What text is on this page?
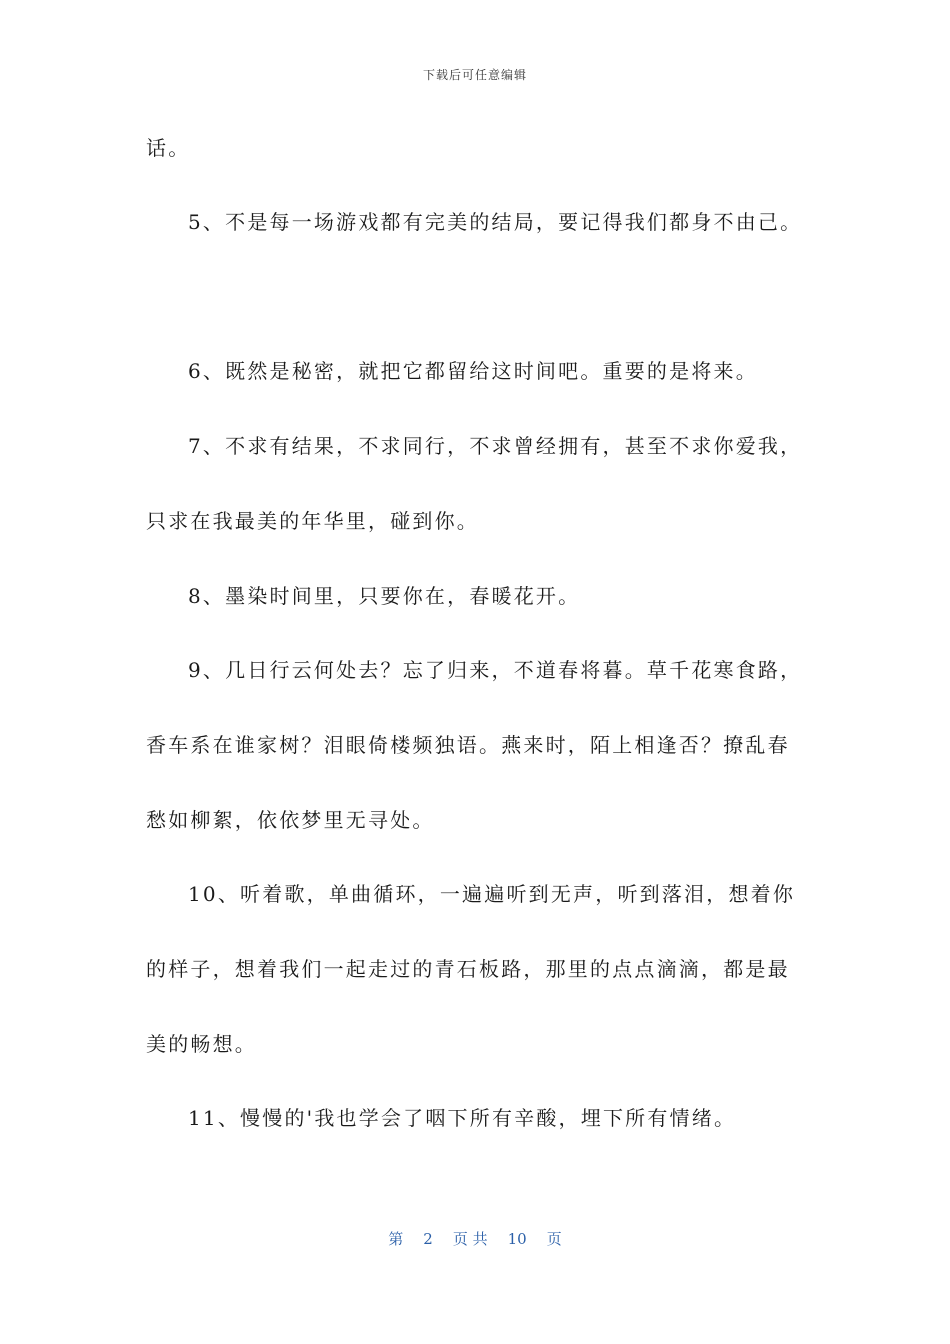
下载后可任意编辑
话。
5、不是每一场游戏都有完美的结局，要记得我们都身不由己。
6、既然是秘密，就把它都留给这时间吧。重要的是将来。
7、不求有结果，不求同行，不求曾经拥有，甚至不求你爱我，
只求在我最美的年华里，碰到你。
8、墨染时间里，只要你在，春暖花开。
9、几日行云何处去？忘了归来，不道春将暮。草千花寒食路，
香车系在谁家树？泪眼倚楼频独语。燕来时，陌上相逢否？撩乱春
愁如柳絮，依依梦里无寻处。
10、听着歌，单曲循环，一遍遍听到无声，听到落泪，想着你
的样子，想着我们一起走过的青石板路，那里的点点滴滴，都是最
美的畅想。
11、慢慢的'我也学会了咽下所有辛酸，埋下所有情绪。
第 2 页 共 10 页
